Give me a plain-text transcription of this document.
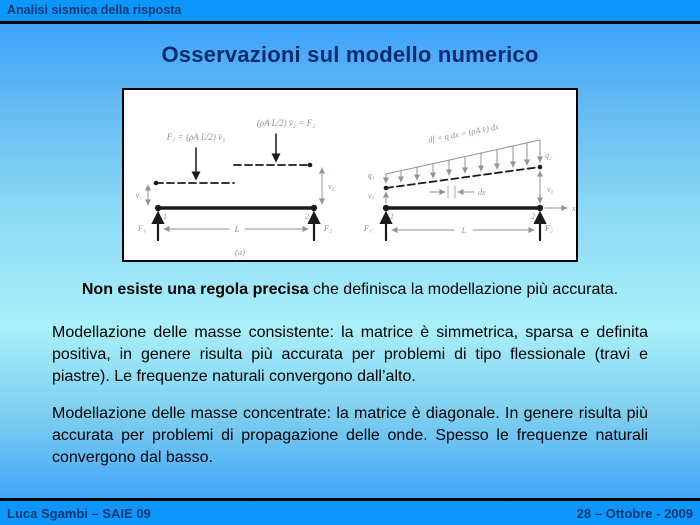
Analisi sismica della risposta
Osservazioni sul modello numerico
F₁ = (ρA L/2) v̈₁
(ρA L/2) v̈₂ = F₂
v₁
v₂
1	2
F₁	F₂
L
(a)
df = q dx = (ρA v̈) dx
q₁
q₂
dx
v₁
v₂
1	2
x
F₁	F₂
L

Non esiste una regola precisa che definisca la modellazione più accurata.

Modellazione delle masse consistente: la matrice è simmetrica, sparsa e definita positiva, in genere risulta più accurata per problemi di tipo flessionale (travi e piastre). Le frequenze naturali convergono dall’alto.

Modellazione delle masse concentrate: la matrice è diagonale. In genere risulta più accurata per problemi di propagazione delle onde. Spesso le frequenze naturali convergono dal basso.

Luca Sgambi – SAIE 09	28 – Ottobre - 2009
